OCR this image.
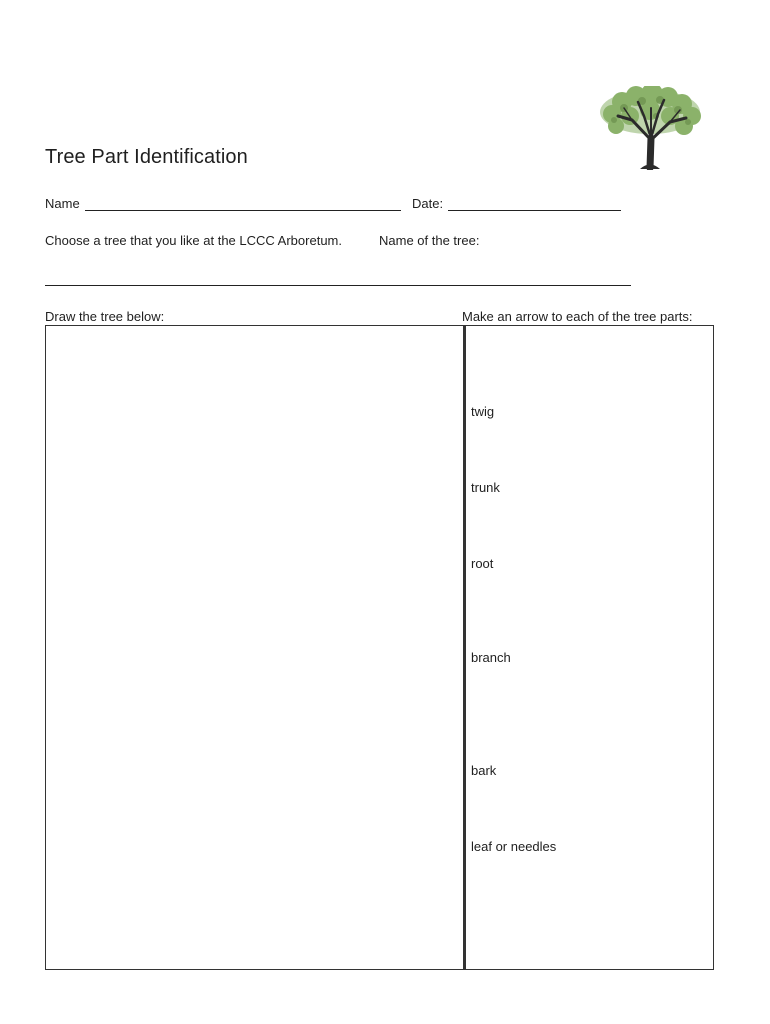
Tree Part Identification
Name	Date:
Choose a tree that you like at the LCCC Arboretum.	Name of the tree:
Draw the tree below:	Make an arrow to each of the tree parts:
twig
trunk
root
branch
bark
leaf or needles
